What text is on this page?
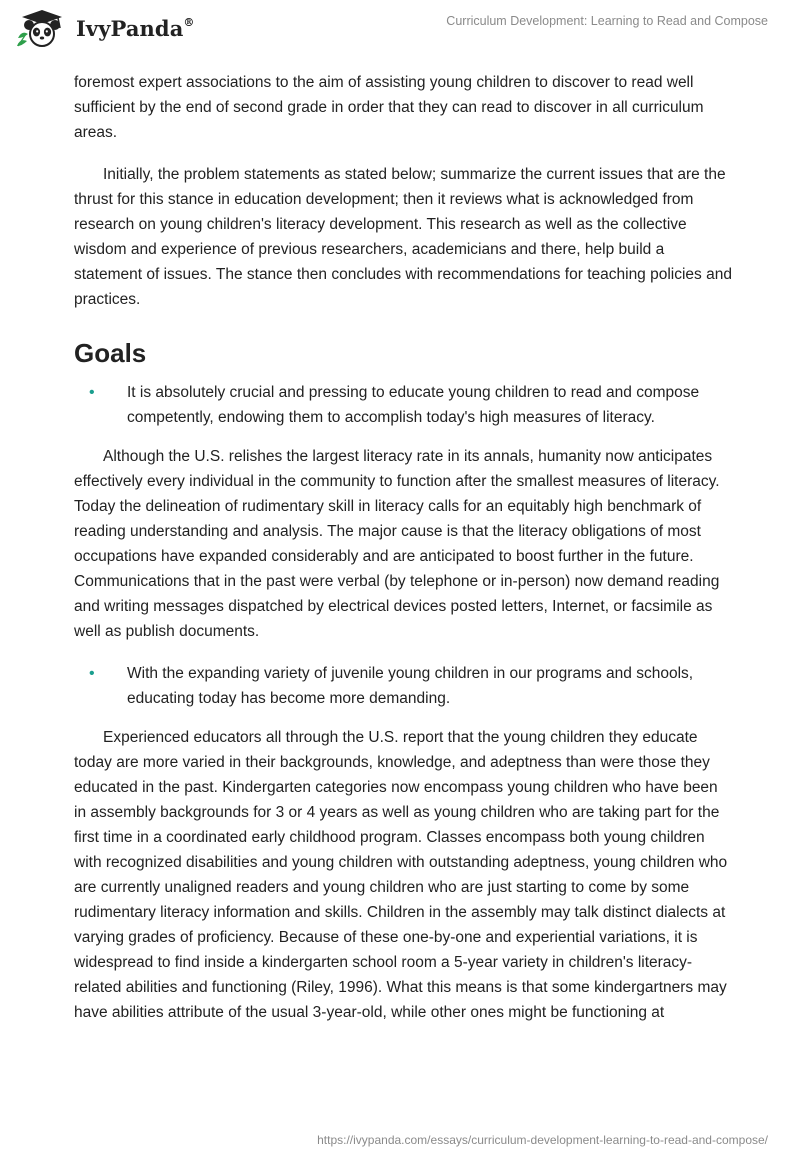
IvyPanda®	Curriculum Development: Learning to Read and Compose

foremost expert associations to the aim of assisting young children to discover to read well sufficient by the end of second grade in order that they can read to discover in all curriculum areas.

Initially, the problem statements as stated below; summarize the current issues that are the thrust for this stance in education development; then it reviews what is acknowledged from research on young children's literacy development. This research as well as the collective wisdom and experience of previous researchers, academicians and there, help build a statement of issues. The stance then concludes with recommendations for teaching policies and practices.

Goals
• It is absolutely crucial and pressing to educate young children to read and compose competently, endowing them to accomplish today's high measures of literacy.

Although the U.S. relishes the largest literacy rate in its annals, humanity now anticipates effectively every individual in the community to function after the smallest measures of literacy. Today the delineation of rudimentary skill in literacy calls for an equitably high benchmark of reading understanding and analysis. The major cause is that the literacy obligations of most occupations have expanded considerably and are anticipated to boost further in the future. Communications that in the past were verbal (by telephone or in-person) now demand reading and writing messages dispatched by electrical devices posted letters, Internet, or facsimile as well as publish documents.

• With the expanding variety of juvenile young children in our programs and schools, educating today has become more demanding.

Experienced educators all through the U.S. report that the young children they educate today are more varied in their backgrounds, knowledge, and adeptness than were those they educated in the past. Kindergarten categories now encompass young children who have been in assembly backgrounds for 3 or 4 years as well as young children who are taking part for the first time in a coordinated early childhood program. Classes encompass both young children with recognized disabilities and young children with outstanding adeptness, young children who are currently unaligned readers and young children who are just starting to come by some rudimentary literacy information and skills. Children in the assembly may talk distinct dialects at varying grades of proficiency. Because of these one-by-one and experiential variations, it is widespread to find inside a kindergarten school room a 5-year variety in children's literacy-related abilities and functioning (Riley, 1996). What this means is that some kindergartners may have abilities attribute of the usual 3-year-old, while other ones might be functioning at

https://ivypanda.com/essays/curriculum-development-learning-to-read-and-compose/
